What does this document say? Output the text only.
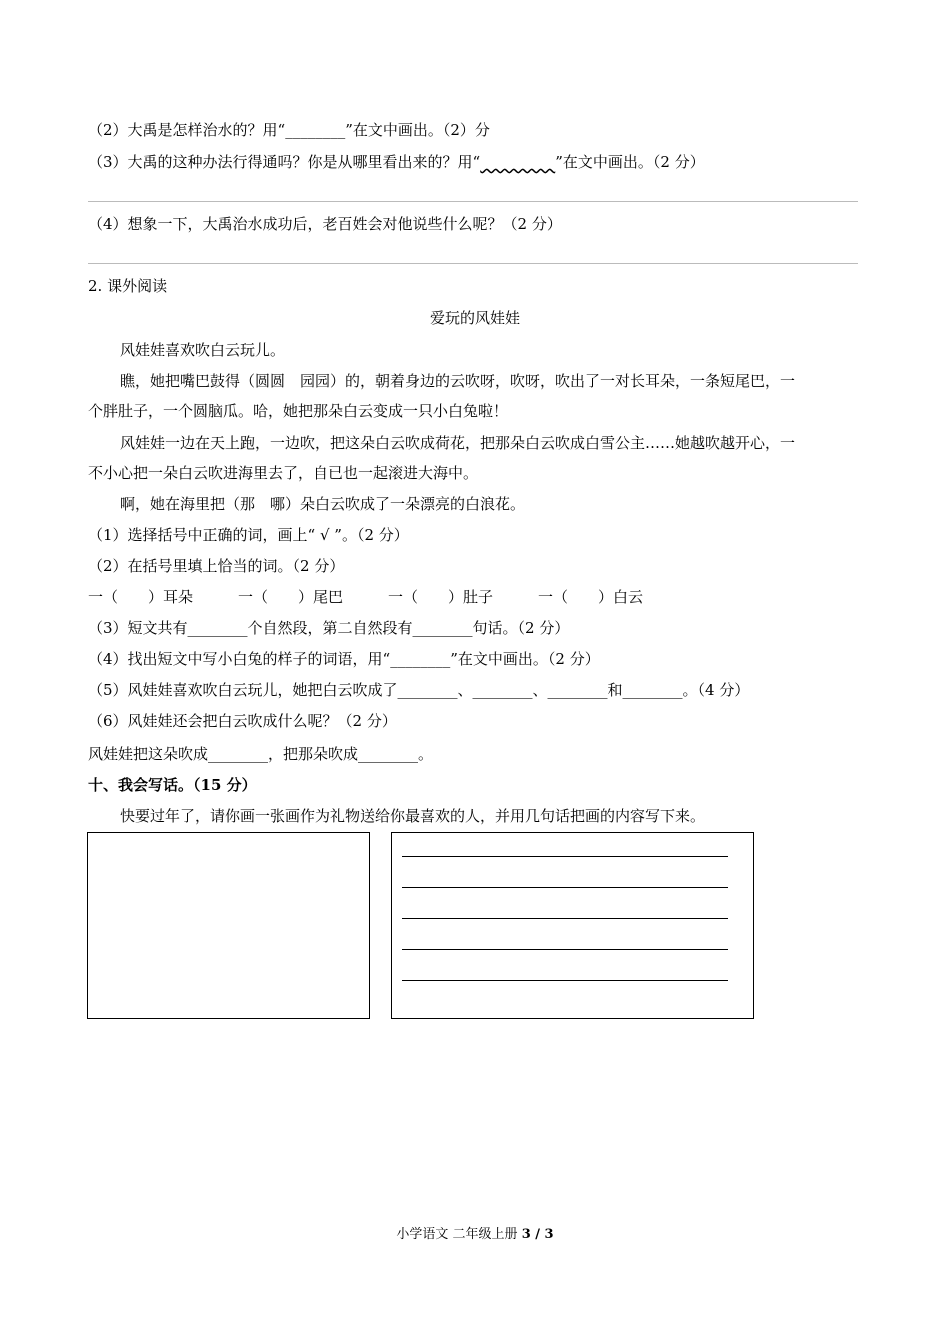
（2）大禹是怎样治水的？用“________”在文中画出。（2）分
（3）大禹的这种办法行得通吗？你是从哪里看出来的？用“	”在文中画出。（2 分）
（4）想象一下，大禹治水成功后，老百姓会对他说些什么呢？（2 分）
2. 课外阅读
爱玩的风娃娃
风娃娃喜欢吹白云玩儿。
瞧，她把嘴巴鼓得（圆圆　园园）的，朝着身边的云吹呀，吹呀，吹出了一对长耳朵，一条短尾巴，一
个胖肚子，一个圆脑瓜。哈，她把那朵白云变成一只小白兔啦！
风娃娃一边在天上跑，一边吹，把这朵白云吹成荷花，把那朵白云吹成白雪公主……她越吹越开心，一
不小心把一朵白云吹进海里去了，自已也一起滚进大海中。
啊，她在海里把（那　哪）朵白云吹成了一朵漂亮的白浪花。
（1）选择括号中正确的词，画上“ √ ”。（2 分）
（2）在括号里填上恰当的词。（2 分）
一（　　）耳朵　　　一（　　）尾巴　　　一（　　）肚子　　　一（　　）白云
（3）短文共有________个自然段，第二自然段有________句话。（2 分）
（4）找出短文中写小白兔的样子的词语，用“________”在文中画出。（2 分）
（5）风娃娃喜欢吹白云玩儿，她把白云吹成了________、________、________和________。（4 分）
（6）风娃娃还会把白云吹成什么呢？（2 分）
风娃娃把这朵吹成________，把那朵吹成________。
十、我会写话。（15 分）
快要过年了，请你画一张画作为礼物送给你最喜欢的人，并用几句话把画的内容写下来。
小学语文 二年级上册 3 / 3
